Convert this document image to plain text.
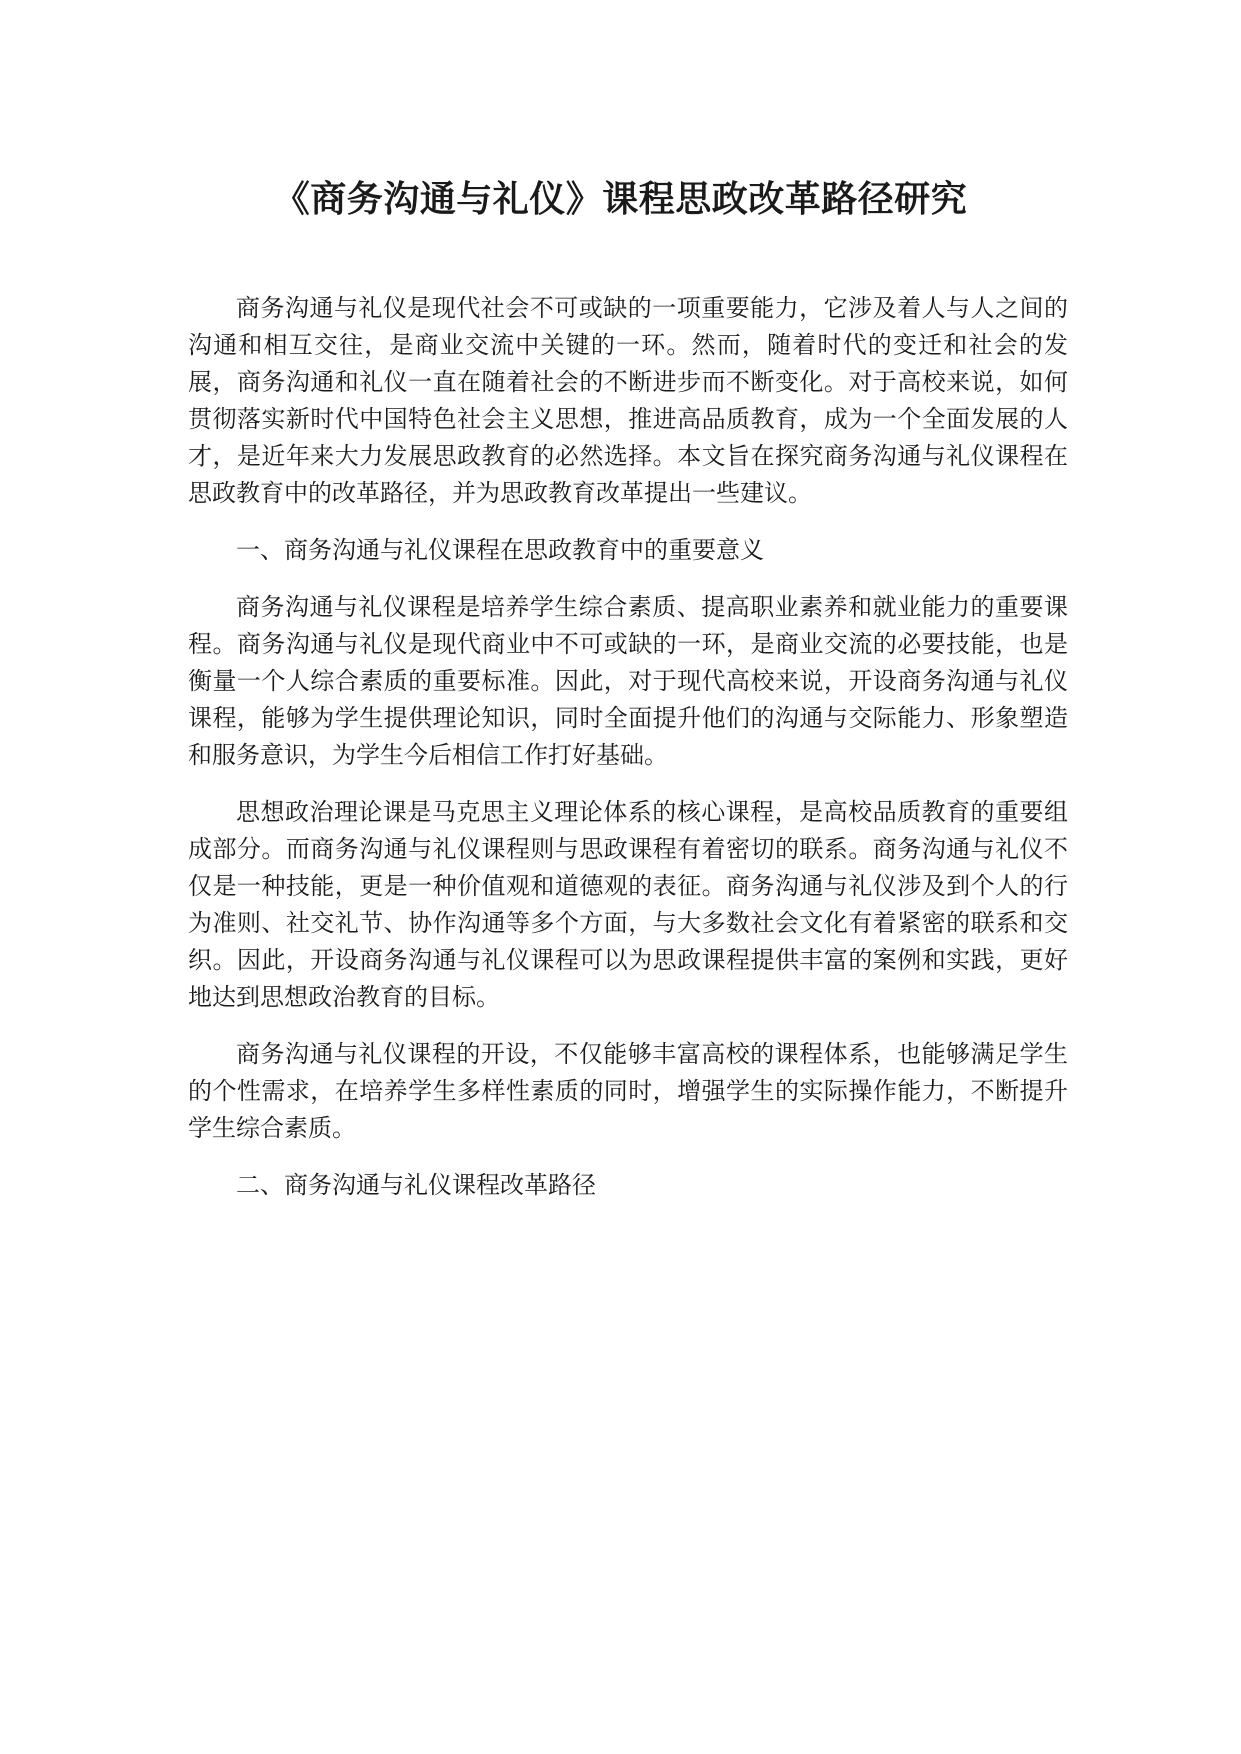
《商务沟通与礼仪》课程思政改革路径研究

商务沟通与礼仪是现代社会不可或缺的一项重要能力，它涉及着人与人之间的沟通和相互交往，是商业交流中关键的一环。然而，随着时代的变迁和社会的发展，商务沟通和礼仪一直在随着社会的不断进步而不断变化。对于高校来说，如何贯彻落实新时代中国特色社会主义思想，推进高品质教育，成为一个全面发展的人才，是近年来大力发展思政教育的必然选择。本文旨在探究商务沟通与礼仪课程在思政教育中的改革路径，并为思政教育改革提出一些建议。

一、商务沟通与礼仪课程在思政教育中的重要意义

商务沟通与礼仪课程是培养学生综合素质、提高职业素养和就业能力的重要课程。商务沟通与礼仪是现代商业中不可或缺的一环，是商业交流的必要技能，也是衡量一个人综合素质的重要标准。因此，对于现代高校来说，开设商务沟通与礼仪课程，能够为学生提供理论知识，同时全面提升他们的沟通与交际能力、形象塑造和服务意识，为学生今后相信工作打好基础。

思想政治理论课是马克思主义理论体系的核心课程，是高校品质教育的重要组成部分。而商务沟通与礼仪课程则与思政课程有着密切的联系。商务沟通与礼仪不仅是一种技能，更是一种价值观和道德观的表征。商务沟通与礼仪涉及到个人的行为准则、社交礼节、协作沟通等多个方面，与大多数社会文化有着紧密的联系和交织。因此，开设商务沟通与礼仪课程可以为思政课程提供丰富的案例和实践，更好地达到思想政治教育的目标。

商务沟通与礼仪课程的开设，不仅能够丰富高校的课程体系，也能够满足学生的个性需求，在培养学生多样性素质的同时，增强学生的实际操作能力，不断提升学生综合素质。

二、商务沟通与礼仪课程改革路径
